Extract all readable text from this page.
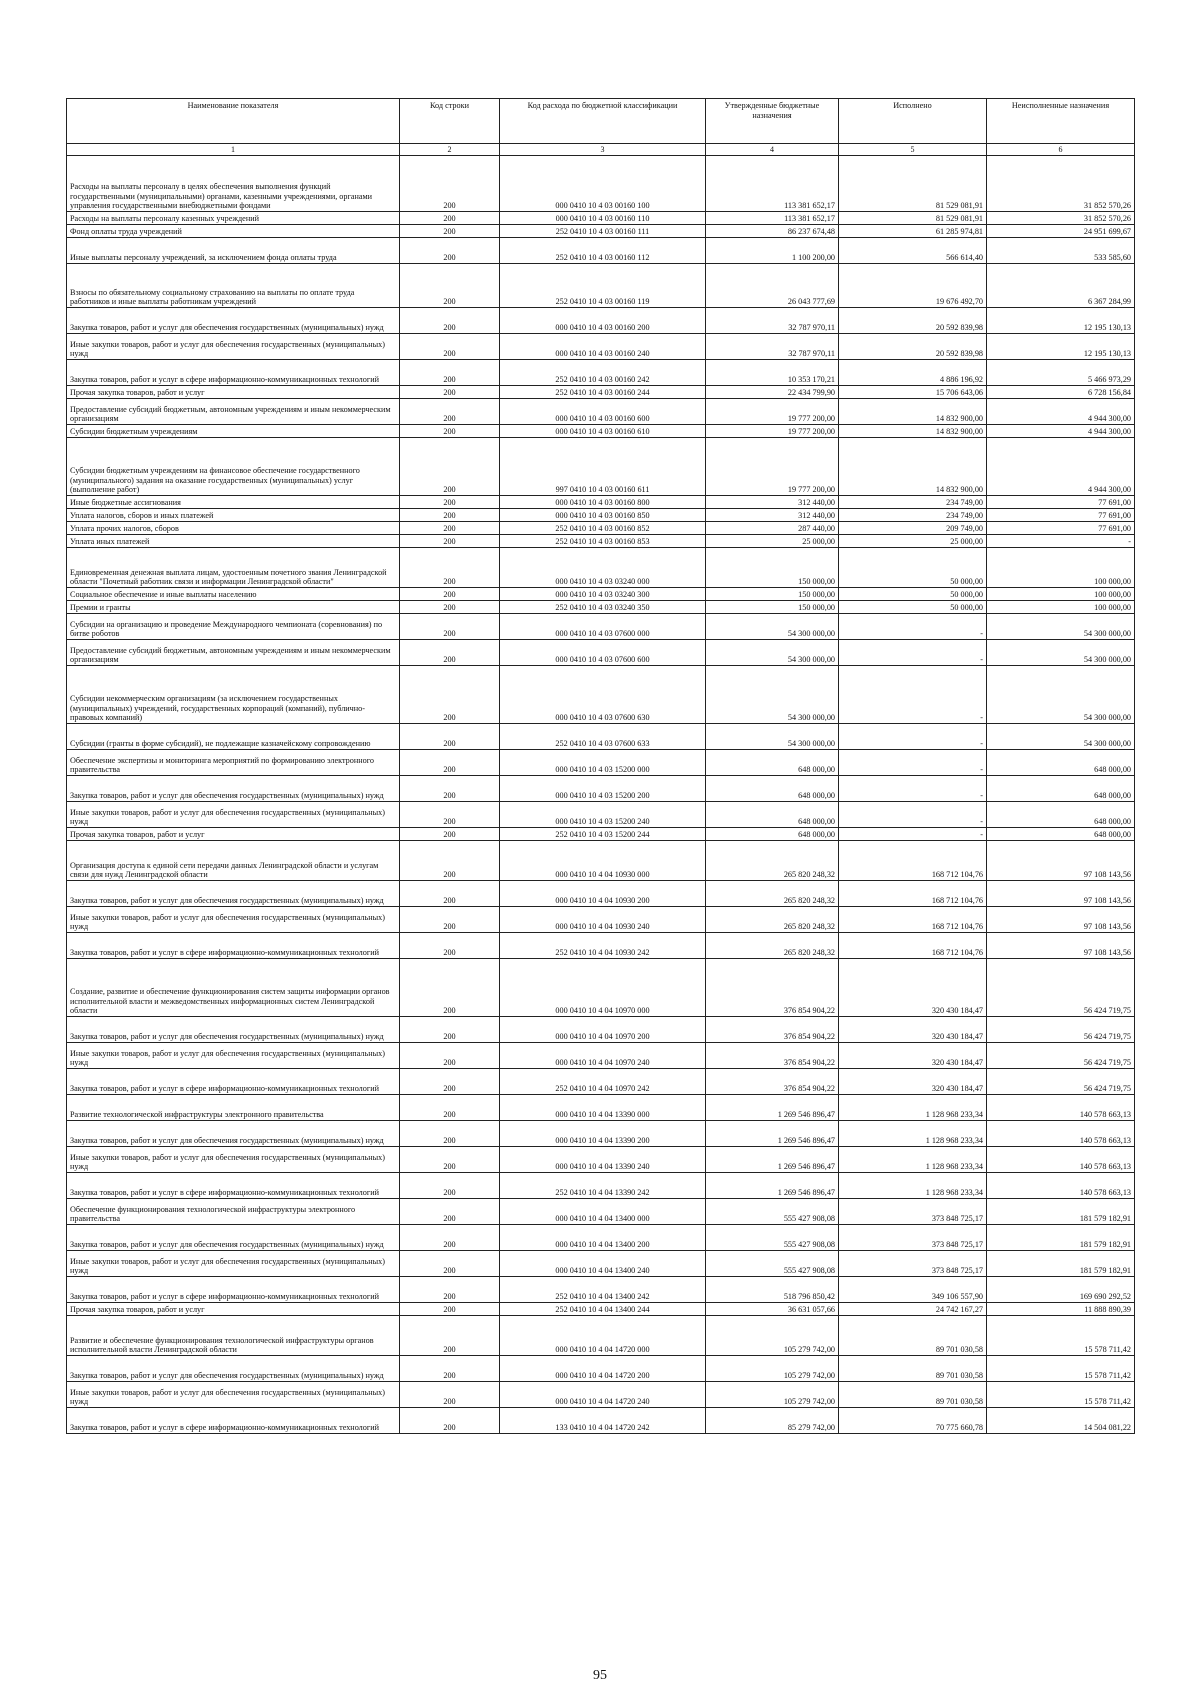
Наименование показателя	Код строки	Код расхода по бюджетной классификации	Утвержденные бюджетные назначения	Исполнено	Неисполненные назначения
1	2	3	4	5	6
Расходы на выплаты персоналу в целях обеспечения выполнения функций государственными (муниципальными) органами, казенными учреждениями, органами управления государственными внебюджетными фондами	200	000 0410 10 4 03 00160 100	113 381 652,17	81 529 081,91	31 852 570,26
Расходы на выплаты персоналу казенных учреждений	200	000 0410 10 4 03 00160 110	113 381 652,17	81 529 081,91	31 852 570,26
Фонд оплаты труда учреждений	200	252 0410 10 4 03 00160 111	86 237 674,48	61 285 974,81	24 951 699,67
Иные выплаты персоналу учреждений, за исключением фонда оплаты труда	200	252 0410 10 4 03 00160 112	1 100 200,00	566 614,40	533 585,60
Взносы по обязательному социальному страхованию на выплаты по оплате труда работников и иные выплаты работникам учреждений	200	252 0410 10 4 03 00160 119	26 043 777,69	19 676 492,70	6 367 284,99
Закупка товаров, работ и услуг для обеспечения государственных (муниципальных) нужд	200	000 0410 10 4 03 00160 200	32 787 970,11	20 592 839,98	12 195 130,13
Иные закупки товаров, работ и услуг для обеспечения государственных (муниципальных) нужд	200	000 0410 10 4 03 00160 240	32 787 970,11	20 592 839,98	12 195 130,13
Закупка товаров, работ и услуг в сфере информационно-коммуникационных технологий	200	252 0410 10 4 03 00160 242	10 353 170,21	4 886 196,92	5 466 973,29
Прочая закупка товаров, работ и услуг	200	252 0410 10 4 03 00160 244	22 434 799,90	15 706 643,06	6 728 156,84
Предоставление субсидий бюджетным, автономным учреждениям и иным некоммерческим организациям	200	000 0410 10 4 03 00160 600	19 777 200,00	14 832 900,00	4 944 300,00
Субсидии бюджетным учреждениям	200	000 0410 10 4 03 00160 610	19 777 200,00	14 832 900,00	4 944 300,00
Субсидии бюджетным учреждениям на финансовое обеспечение государственного (муниципального) задания на оказание государственных (муниципальных) услуг (выполнение работ)	200	997 0410 10 4 03 00160 611	19 777 200,00	14 832 900,00	4 944 300,00
Иные бюджетные ассигнования	200	000 0410 10 4 03 00160 800	312 440,00	234 749,00	77 691,00
Уплата налогов, сборов и иных платежей	200	000 0410 10 4 03 00160 850	312 440,00	234 749,00	77 691,00
Уплата прочих налогов, сборов	200	252 0410 10 4 03 00160 852	287 440,00	209 749,00	77 691,00
Уплата иных платежей	200	252 0410 10 4 03 00160 853	25 000,00	25 000,00	-
Единовременная денежная выплата лицам, удостоенным почетного звания Ленинградской области "Почетный работник связи и информации Ленинградской области"	200	000 0410 10 4 03 03240 000	150 000,00	50 000,00	100 000,00
Социальное обеспечение и иные выплаты населению	200	000 0410 10 4 03 03240 300	150 000,00	50 000,00	100 000,00
Премии и гранты	200	252 0410 10 4 03 03240 350	150 000,00	50 000,00	100 000,00
Субсидии на организацию и проведение Международного чемпионата (соревнования) по битве роботов	200	000 0410 10 4 03 07600 000	54 300 000,00	-	54 300 000,00
Предоставление субсидий бюджетным, автономным учреждениям и иным некоммерческим организациям	200	000 0410 10 4 03 07600 600	54 300 000,00	-	54 300 000,00
Субсидии некоммерческим организациям (за исключением государственных (муниципальных) учреждений, государственных корпораций (компаний), публично-правовых компаний)	200	000 0410 10 4 03 07600 630	54 300 000,00	-	54 300 000,00
Субсидии (гранты в форме субсидий), не подлежащие казначейскому сопровождению	200	252 0410 10 4 03 07600 633	54 300 000,00	-	54 300 000,00
Обеспечение экспертизы и мониторинга мероприятий по формированию электронного правительства	200	000 0410 10 4 03 15200 000	648 000,00	-	648 000,00
Закупка товаров, работ и услуг для обеспечения государственных (муниципальных) нужд	200	000 0410 10 4 03 15200 200	648 000,00	-	648 000,00
Иные закупки товаров, работ и услуг для обеспечения государственных (муниципальных) нужд	200	000 0410 10 4 03 15200 240	648 000,00	-	648 000,00
Прочая закупка товаров, работ и услуг	200	252 0410 10 4 03 15200 244	648 000,00	-	648 000,00
Организация доступа к единой сети передачи данных Ленинградской области и услугам связи для нужд Ленинградской области	200	000 0410 10 4 04 10930 000	265 820 248,32	168 712 104,76	97 108 143,56
Закупка товаров, работ и услуг для обеспечения государственных (муниципальных) нужд	200	000 0410 10 4 04 10930 200	265 820 248,32	168 712 104,76	97 108 143,56
Иные закупки товаров, работ и услуг для обеспечения государственных (муниципальных) нужд	200	000 0410 10 4 04 10930 240	265 820 248,32	168 712 104,76	97 108 143,56
Закупка товаров, работ и услуг в сфере информационно-коммуникационных технологий	200	252 0410 10 4 04 10930 242	265 820 248,32	168 712 104,76	97 108 143,56
Создание, развитие и обеспечение функционирования систем защиты информации органов исполнительной власти и межведомственных информационных систем Ленинградской области	200	000 0410 10 4 04 10970 000	376 854 904,22	320 430 184,47	56 424 719,75
Закупка товаров, работ и услуг для обеспечения государственных (муниципальных) нужд	200	000 0410 10 4 04 10970 200	376 854 904,22	320 430 184,47	56 424 719,75
Иные закупки товаров, работ и услуг для обеспечения государственных (муниципальных) нужд	200	000 0410 10 4 04 10970 240	376 854 904,22	320 430 184,47	56 424 719,75
Закупка товаров, работ и услуг в сфере информационно-коммуникационных технологий	200	252 0410 10 4 04 10970 242	376 854 904,22	320 430 184,47	56 424 719,75
Развитие технологической инфраструктуры электронного правительства	200	000 0410 10 4 04 13390 000	1 269 546 896,47	1 128 968 233,34	140 578 663,13
Закупка товаров, работ и услуг для обеспечения государственных (муниципальных) нужд	200	000 0410 10 4 04 13390 200	1 269 546 896,47	1 128 968 233,34	140 578 663,13
Иные закупки товаров, работ и услуг для обеспечения государственных (муниципальных) нужд	200	000 0410 10 4 04 13390 240	1 269 546 896,47	1 128 968 233,34	140 578 663,13
Закупка товаров, работ и услуг в сфере информационно-коммуникационных технологий	200	252 0410 10 4 04 13390 242	1 269 546 896,47	1 128 968 233,34	140 578 663,13
Обеспечение функционирования технологической инфраструктуры электронного правительства	200	000 0410 10 4 04 13400 000	555 427 908,08	373 848 725,17	181 579 182,91
Закупка товаров, работ и услуг для обеспечения государственных (муниципальных) нужд	200	000 0410 10 4 04 13400 200	555 427 908,08	373 848 725,17	181 579 182,91
Иные закупки товаров, работ и услуг для обеспечения государственных (муниципальных) нужд	200	000 0410 10 4 04 13400 240	555 427 908,08	373 848 725,17	181 579 182,91
Закупка товаров, работ и услуг в сфере информационно-коммуникационных технологий	200	252 0410 10 4 04 13400 242	518 796 850,42	349 106 557,90	169 690 292,52
Прочая закупка товаров, работ и услуг	200	252 0410 10 4 04 13400 244	36 631 057,66	24 742 167,27	11 888 890,39
Развитие и обеспечение функционирования технологической инфраструктуры органов исполнительной власти Ленинградской области	200	000 0410 10 4 04 14720 000	105 279 742,00	89 701 030,58	15 578 711,42
Закупка товаров, работ и услуг для обеспечения государственных (муниципальных) нужд	200	000 0410 10 4 04 14720 200	105 279 742,00	89 701 030,58	15 578 711,42
Иные закупки товаров, работ и услуг для обеспечения государственных (муниципальных) нужд	200	000 0410 10 4 04 14720 240	105 279 742,00	89 701 030,58	15 578 711,42
Закупка товаров, работ и услуг в сфере информационно-коммуникационных технологий	200	133 0410 10 4 04 14720 242	85 279 742,00	70 775 660,78	14 504 081,22
95
